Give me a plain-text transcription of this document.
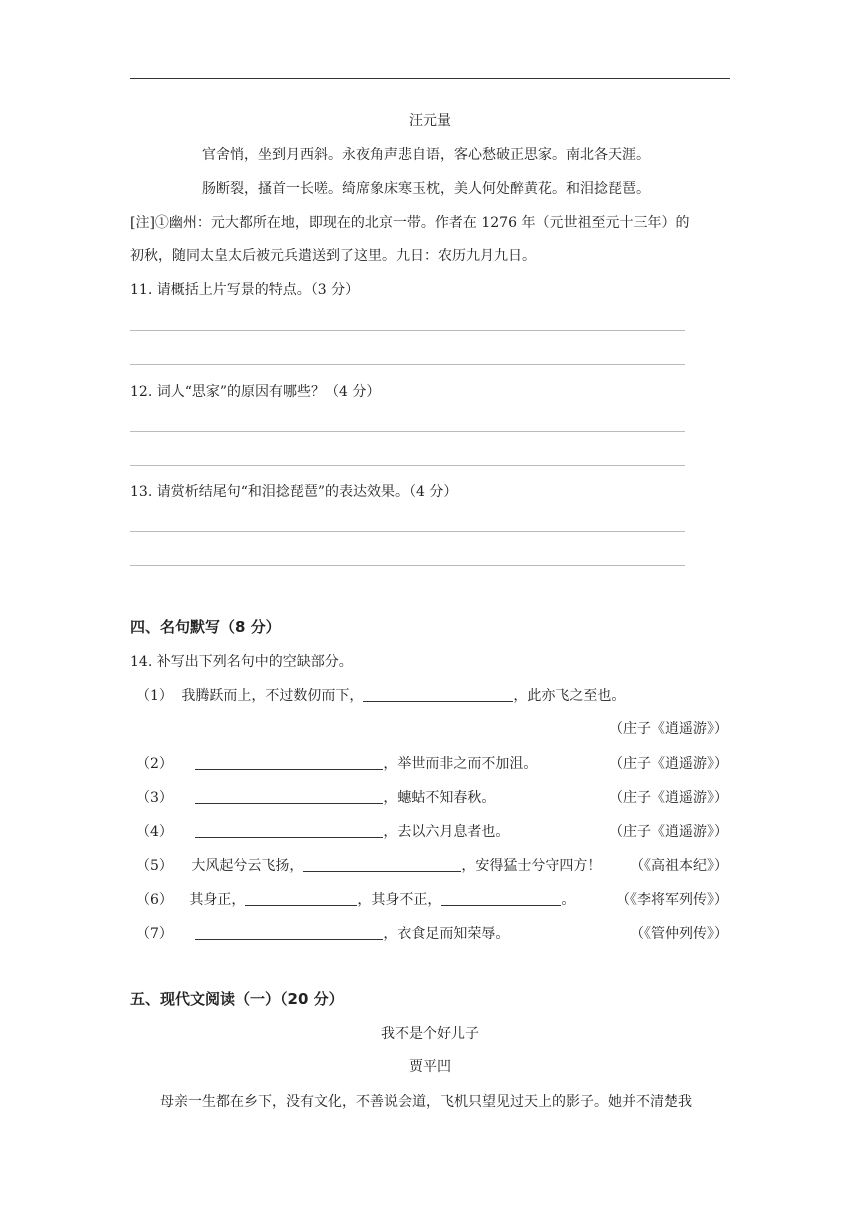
汪元量
官舍悄，坐到月西斜。永夜角声悲自语，客心愁破正思家。南北各天涯。
肠断裂，搔首一长嗟。绮席象床寒玉枕，美人何处醉黄花。和泪捻琵琶。
[注]①幽州：元大都所在地，即现在的北京一带。作者在 1276 年（元世祖至元十三年）的
初秋，随同太皇太后被元兵遣送到了这里。九日：农历九月九日。
11. 请概括上片写景的特点。（3 分）
12. 词人“思家”的原因有哪些？（4 分）
13. 请赏析结尾句“和泪捻琵琶”的表达效果。（4 分）
四、名句默写（8 分）
14. 补写出下列名句中的空缺部分。
（1） 我腾跃而上，不过数仞而下，	，此亦飞之至也。
（庄子《逍遥游》）
（2）	，举世而非之而不加沮。	（庄子《逍遥游》）
（3）	，蟪蛄不知春秋。	（庄子《逍遥游》）
（4）	，去以六月息者也。	（庄子《逍遥游》）
（5） 大风起兮云飞扬，	，安得猛士兮守四方！ （《高祖本纪》）
（6） 其身正，	，其身不正，	。	（《李将军列传》）
（7）	，衣食足而知荣辱。	（《管仲列传》）
五、现代文阅读（一）（20 分）
我不是个好儿子
贾平凹
母亲一生都在乡下，没有文化，不善说会道，飞机只望见过天上的影子。她并不清楚我
